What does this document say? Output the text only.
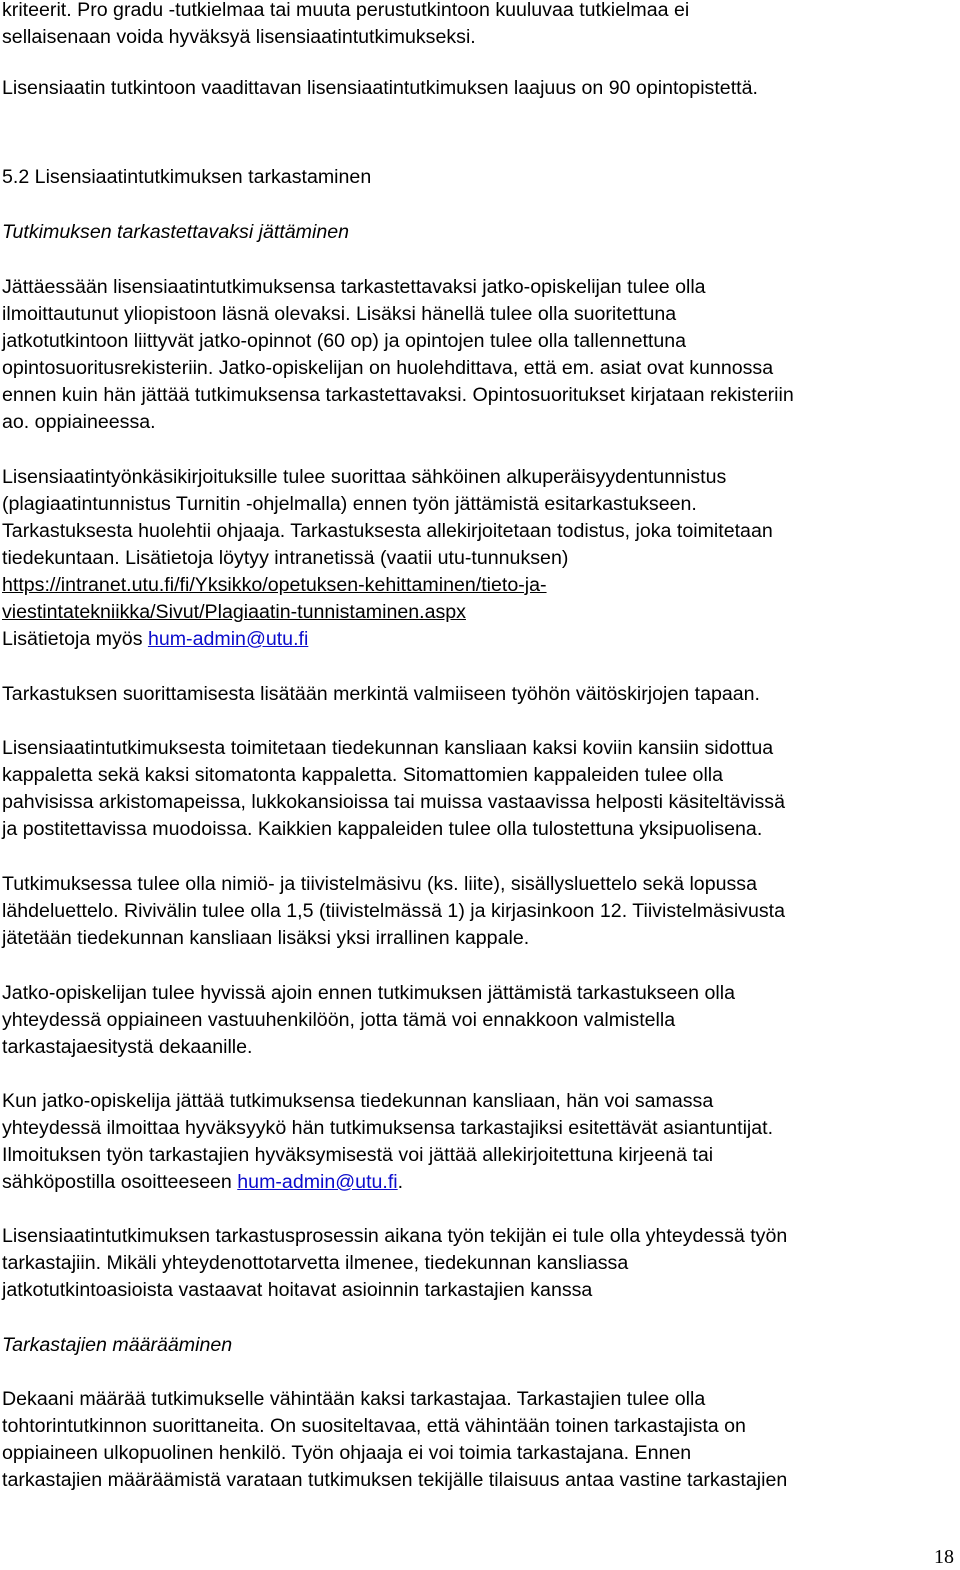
kriteerit. Pro gradu -tutkielmaa tai muuta perustutkintoon kuuluvaa tutkielmaa ei
sellaisenaan voida hyväksyä lisensiaatintutkimukseksi.
Lisensiaatin tutkintoon vaadittavan lisensiaatintutkimuksen laajuus on 90 opintopistettä.
5.2 Lisensiaatintutkimuksen tarkastaminen
Tutkimuksen tarkastettavaksi jättäminen
Jättäessään lisensiaatintutkimuksensa tarkastettavaksi jatko-opiskelijan tulee olla
ilmoittautunut yliopistoon läsnä olevaksi. Lisäksi hänellä tulee olla suoritettuna
jatkotutkintoon liittyvät jatko-opinnot (60 op) ja opintojen tulee olla tallennettuna
opintosuoritusrekisteriin. Jatko-opiskelijan on huolehdittava, että em. asiat ovat kunnossa
ennen kuin hän jättää tutkimuksensa tarkastettavaksi. Opintosuoritukset kirjataan rekisteriin
ao. oppiaineessa.
Lisensiaatintyönkäsikirjoituksille tulee suorittaa sähköinen alkuperäisyydentunnistus
(plagiaatintunnistus Turnitin -ohjelmalla) ennen työn jättämistä esitarkastukseen.
Tarkastuksesta huolehtii ohjaaja. Tarkastuksesta allekirjoitetaan todistus, joka toimitetaan
tiedekuntaan. Lisätietoja löytyy intranetissä (vaatii utu-tunnuksen)
https://intranet.utu.fi/fi/Yksikko/opetuksen-kehittaminen/tieto-ja-
viestintatekniikka/Sivut/Plagiaatin-tunnistaminen.aspx
Lisätietoja myös hum-admin@utu.fi
Tarkastuksen suorittamisesta lisätään merkintä valmiiseen työhön väitöskirjojen tapaan.
Lisensiaatintutkimuksesta toimitetaan tiedekunnan kansliaan kaksi koviin kansiin sidottua
kappaletta sekä kaksi sitomatonta kappaletta. Sitomattomien kappaleiden tulee olla
pahvisissa arkistomapeissa, lukkokansioissa tai muissa vastaavissa helposti käsiteltävissä
ja postitettavissa muodoissa. Kaikkien kappaleiden tulee olla tulostettuna yksipuolisena.
Tutkimuksessa tulee olla nimiö- ja tiivistelmäsivu (ks. liite), sisällysluettelo sekä lopussa
lähdeluettelo. Rivivälin tulee olla 1,5 (tiivistelmässä 1) ja kirjasinkoon 12. Tiivistelmäsivusta
jätetään tiedekunnan kansliaan lisäksi yksi irrallinen kappale.
Jatko-opiskelijan tulee hyvissä ajoin ennen tutkimuksen jättämistä tarkastukseen olla
yhteydessä oppiaineen vastuuhenkilöön, jotta tämä voi ennakkoon valmistella
tarkastajaesitystä dekaanille.
Kun jatko-opiskelija jättää tutkimuksensa tiedekunnan kansliaan, hän voi samassa
yhteydessä ilmoittaa hyväksyykö hän tutkimuksensa tarkastajiksi esitettävät asiantuntijat.
Ilmoituksen työn tarkastajien hyväksymisestä voi jättää allekirjoitettuna kirjeenä tai
sähköpostilla osoitteeseen hum-admin@utu.fi.
Lisensiaatintutkimuksen tarkastusprosessin aikana työn tekijän ei tule olla yhteydessä työn
tarkastajiin. Mikäli yhteydenottotarvetta ilmenee, tiedekunnan kansliassa
jatkotutkintoasioista vastaavat hoitavat asioinnin tarkastajien kanssa
Tarkastajien määrääminen
Dekaani määrää tutkimukselle vähintään kaksi tarkastajaa. Tarkastajien tulee olla
tohtorintutkinnon suorittaneita. On suositeltavaa, että vähintään toinen tarkastajista on
oppiaineen ulkopuolinen henkilö. Työn ohjaaja ei voi toimia tarkastajana. Ennen
tarkastajien määräämistä varataan tutkimuksen tekijälle tilaisuus antaa vastine tarkastajien
18
